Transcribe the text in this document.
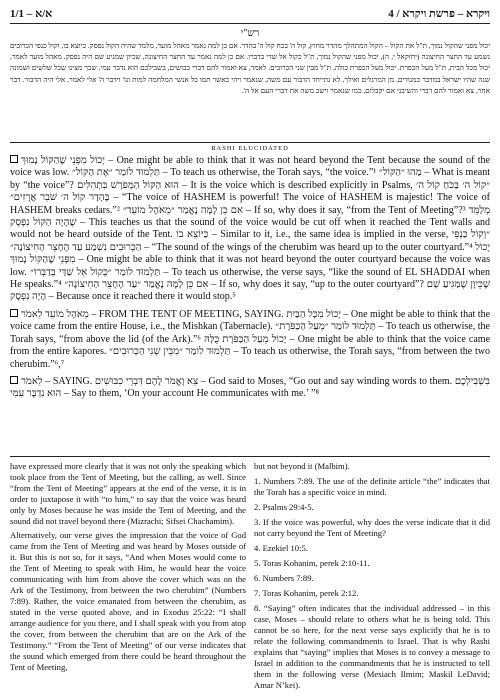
1/1 – א/א	ויקרא – פרשת ויקרא / 4
רש"י

יכול מפני שהקול נמוך, ת"ל את הקול – הקול המתהלך מהדר מחוץ, קול ה' בכח קול ה' בהדר. אם כן למה נאמר מאהל מועד, מלמד שהיה הקול נפסק. כיוצא בו, וקול כנפי הכרובים נשמע עד החצר החיצונה (יחזקאל י, ה), יכול מפני שהקול נמוך, ת"ל כקול אל שדי בדברו. אם כן למה נאמר עד החצר החיצונה, שכיון שמגיע שם היה נפסק. מאהל מועד לאמר, יכול מכל הבית, ת"ל מעל הכפרת. יכול מעל הכפרת כולה, ת"ל מבין שני הכרובים. לאמר, צא ואמור להם דברי כבושים, בשבילכם הוא נדבר עמי. שכך מצינו שכל שלשים ושמונה שנה שהיו ישראל במדבר כמנודים, מן המרגלים ואילך, לא נתייחד הדבור עם משה, שנאמר ויהי כאשר תמו כל אנשי המלחמה למות וגו' וידבר ה' אלי לאמר, אלי היה הדבור. דבר אחר, צא ואמור להם דברי והשיבני אם יקבלום, כמו שנאמר וישב משה את דברי העם אל ה'.

RASHI ELUCIDATED

יָכוֹל מִפְּנֵי שֶׁהַקּוֹל נָמוּךְ – One might be able to think that it was not heard beyond the Tent because the sound of the voice was low. תַּלְמוּד לוֹמַר ״אֶת הַקּוֹל״ – To teach us otherwise, the Torah says, “the voice.”¹ מַהוּ ״הַקּוֹל״ – What is meant by “the voice”? הוּא הַקּוֹל הַמְּפֹרָשׁ בִּתְהִלִּים – It is the voice which is described explicitly in Psalms, ״קוֹל ה׳ בַּכֹּחַ קוֹל ה׳ בֶּהָדָר קוֹל ה׳ שֹׁבֵר אֲרָזִים״ – “The voice of HASHEM is powerful! The voice of HASHEM is majestic! The voice of HASHEM breaks cedars.”² אִם כֵּן לָמָּה נֶאֱמַר ״מֵאֹהֶל מוֹעֵד״ – If so, why does it say, “from the Tent of Meeting”?³ מְלַמֵּד שֶׁהָיָה הַקּוֹל נִפְסָק – This teaches us that the sound of the voice would be cut off when it reached the Tent walls and would not be heard outside of the Tent. כַּיּוֹצֵא בוֹ – Similar to it, i.e., the same idea is implied in the verse, ״וְקוֹל כַּנְפֵי הַכְּרוּבִים נִשְׁמַע עַד הֶחָצֵר הַחִיצוֹנָה״ – “The sound of the wings of the cherubim was heard up to the outer courtyard.”⁴ יָכוֹל מִפְּנֵי שֶׁהַקּוֹל נָמוּךְ – One might be able to think that it was not heard beyond the outer courtyard because the voice was low. תַּלְמוּד לוֹמַר ״כְּקוֹל אֵל שַׁדַּי בְּדַבְּרוֹ״ – To teach us otherwise, the verse says, “like the sound of EL SHADDAI when He speaks.”⁴ אִם כֵּן לָמָּה נֶאֱמַר ״עַד הֶחָצֵר הַחִיצוֹנָה״ – If so, why does it say, “up to the outer courtyard”? שֶׁכֵּיוָן שֶׁמַּגִּיעַ שָׁם הָיָה נִפְסָק – Because once it reached there it would stop.⁵

מֵאֹהֶל מוֹעֵד לֵאמֹר – FROM THE TENT OF MEETING, SAYING. יָכוֹל מִכָּל הַבַּיִת – One might be able to think that the voice came from the entire House, i.e., the Mishkan (Tabernacle). תַּלְמוּד לוֹמַר ״מֵעַל הַכַּפֹּרֶת״ – To teach us otherwise, the Torah says, “from above the lid (of the Ark).”⁶ יָכוֹל מֵעַל הַכַּפֹּרֶת כֻּלָּהּ – One might be able to think that the voice came from the entire kapores. תַּלְמוּד לוֹמַר ״מִבֵּין שְׁנֵי הַכְּרוּבִים״ – To teach us otherwise, the Torah says, “from between the two cherubim.”⁶,⁷

לֵאמֹר – SAYING. צֵא וֶאֱמֹר לָהֶם דִּבְרֵי כִבּוּשִׁים – God said to Moses, “Go out and say winding words to them. בִּשְׁבִילְכֶם הוּא נִדְבָּר עִמִּי – Say to them, ‘On your account He communicates with me.’ ”⁸

have expressed more clearly that it was not only the speaking which took place from the Tent of Meeting, but the calling, as well. Since “from the Tent of Meeting” appears at the end of the verse, it is in order to juxtapose it with “to him,” to say that the voice was heard only by Moses because he was inside the Tent of Meeting, and the sound did not travel beyond there (Mizrachi; Sifsei Chachamim).

Alternatively, our verse gives the impression that the voice of God came from the Tent of Meeting and was heard by Moses outside of it. But this is not so, for it says, “And when Moses would come to the Tent of Meeting to speak with Him, he would hear the voice communicating with him from above the cover which was on the Ark of the Testimony, from between the two cherubim” (Numbers 7:89). Rather, the voice emanated from between the cherubim, as stated in the verse quoted above, and in Exodus 25:22: “I shall arrange audience for you there, and I shall speak with you from atop the cover, from between the cherubim that are on the Ark of the Testimony.” “From the Tent of Meeting” of our verse indicates that the sound which emerged from there could be heard throughout the Tent of Meeting,

but not beyond it (Malbim).

1. Numbers 7:89. The use of the definite article “the” indicates that the Torah has a specific voice in mind.

2. Psalms 29:4-5.

3. If the voice was powerful, why does the verse indicate that it did not carry beyond the Tent of Meeting?

4. Ezekiel 10:5.

5. Toras Kohanim, perek 2:10-11.

6. Numbers 7:89.

7. Toras Kohanim, perek 2:12.

8. “Saying” often indicates that the individual addressed – in this case, Moses – should relate to others what he is being told. This cannot be so here, for the next verse says explicitly that he is to relate the following commandments to Israel. That is why Rashi explains that “saying” implies that Moses is to convey a message to Israel in addition to the commandments that he is instructed to tell them in the following verse (Mesiach Ilmim; Maskil LeDavid; Amar N’kei).
